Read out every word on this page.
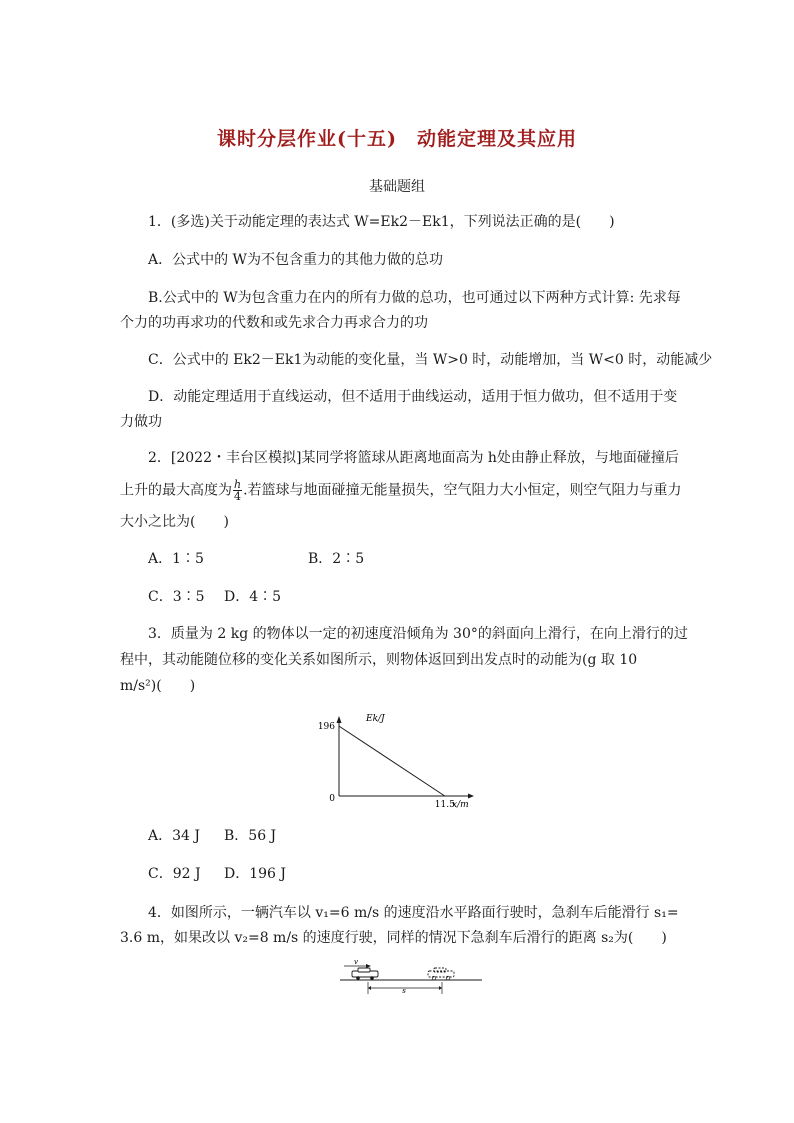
课时分层作业(十五)　动能定理及其应用
基础题组
1．(多选)关于动能定理的表达式 W=Ek2－Ek1，下列说法正确的是(　　)
A．公式中的 W为不包含重力的其他力做的总功
B.公式中的 W为包含重力在内的所有力做的总功，也可通过以下两种方式计算: 先求每
个力的功再求功的代数和或先求合力再求合力的功
C．公式中的 Ek2－Ek1为动能的变化量，当 W>0 时，动能增加，当 W<0 时，动能减少
D．动能定理适用于直线运动，但不适用于曲线运动，适用于恒力做功，但不适用于变
力做功
2．[2022・丰台区模拟]某同学将篮球从距离地面高为 h处由静止释放，与地面碰撞后
上升的最大高度为 $\frac{h}{4}$ .若篮球与地面碰撞无能量损失，空气阻力大小恒定，则空气阻力与重力
大小之比为(　　)
A．1∶5	B．2∶5
C．3∶5 D．4∶5
3．质量为 2 kg 的物体以一定的初速度沿倾角为 30°的斜面向上滑行，在向上滑行的过
程中，其动能随位移的变化关系如图所示，则物体返回到出发点时的动能为(g 取 10
m/s²)(　　)
196
11.5
0
Ek/J
x/m
A．34 J B．56 J
C．92 J D．196 J
4．如图所示，一辆汽车以 v₁=6 m/s 的速度沿水平路面行驶时，急刹车后能滑行 s₁=
3.6 m，如果改以 v₂=8 m/s 的速度行驶，同样的情况下急刹车后滑行的距离 s₂为(　　)
v
s
